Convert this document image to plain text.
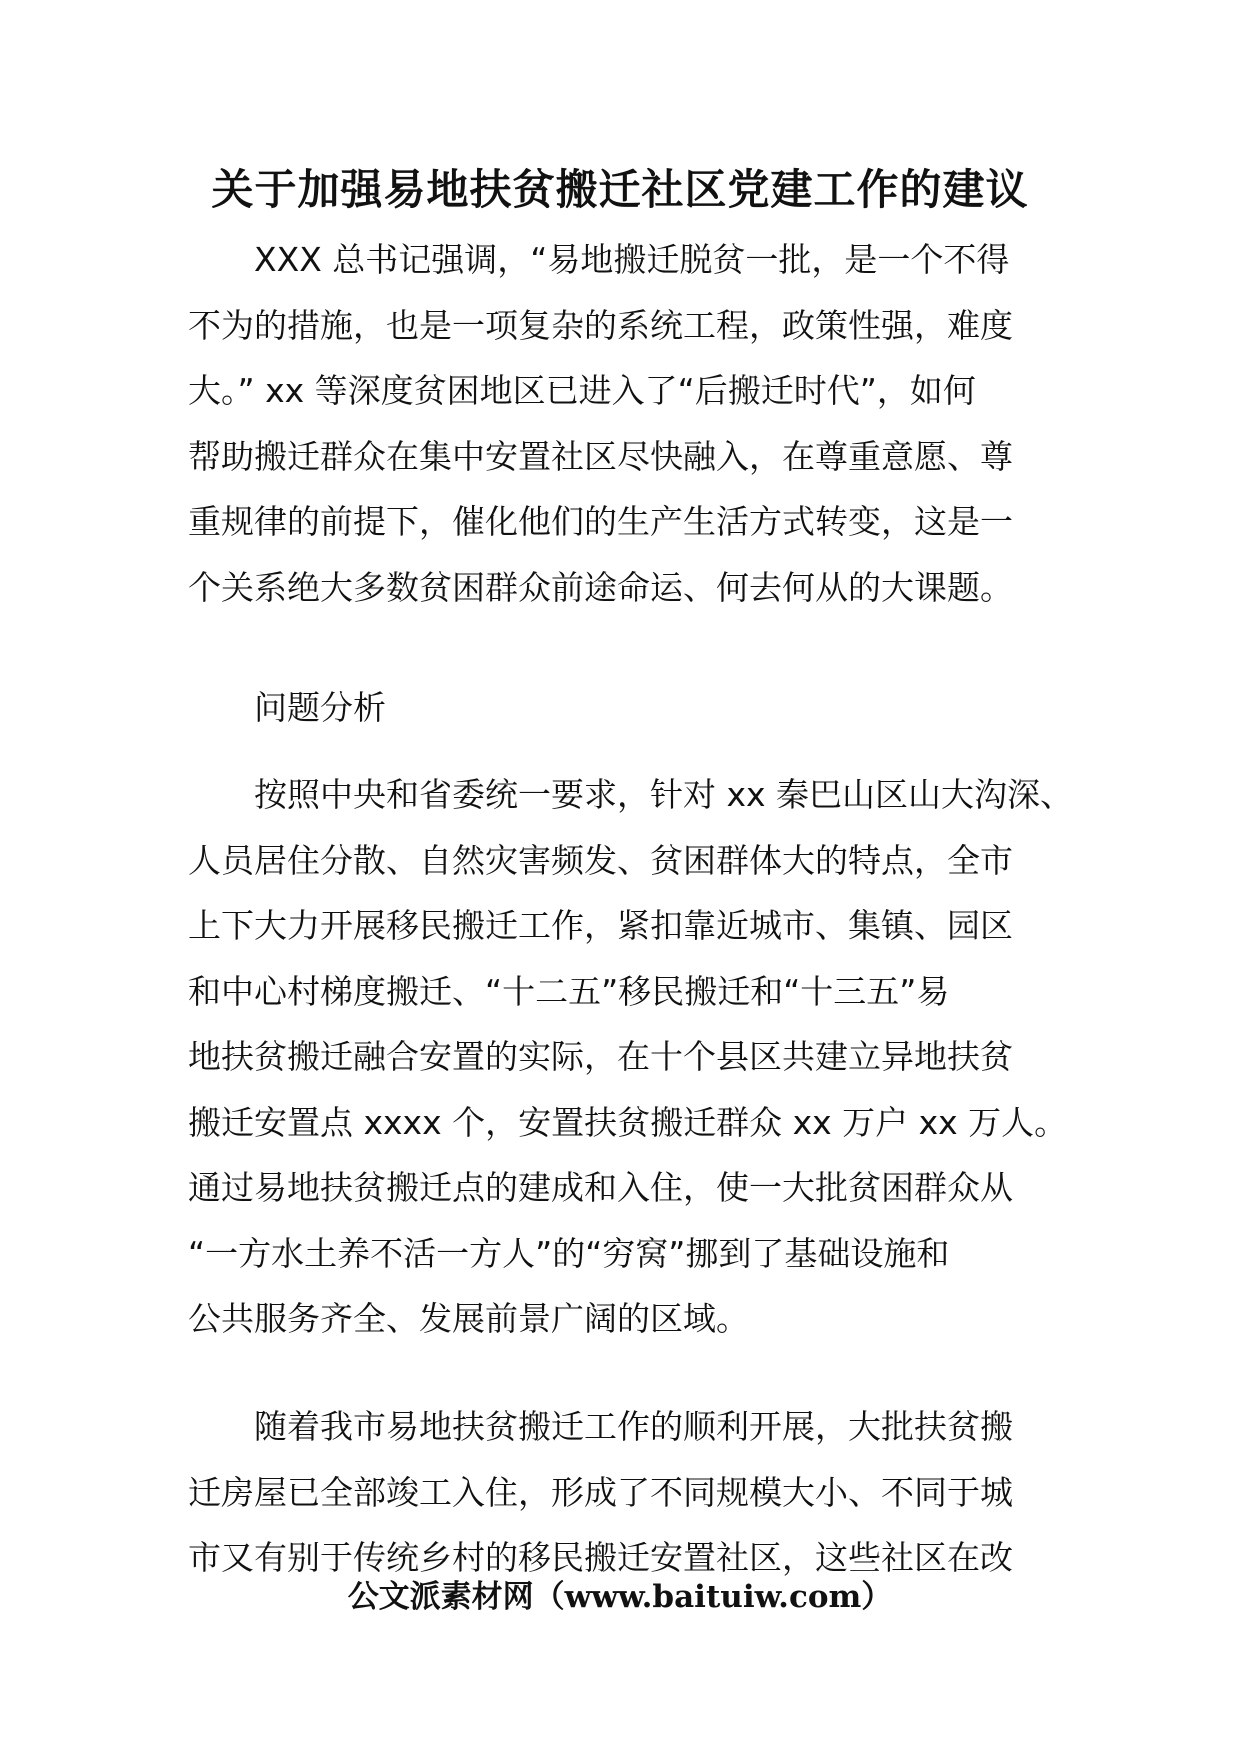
关于加强易地扶贫搬迁社区党建工作的建议
XXX 总书记强调，“易地搬迁脱贫一批，是一个不得
不为的措施，也是一项复杂的系统工程，政策性强，难度
大。” xx 等深度贫困地区已进入了“后搬迁时代”，如何
帮助搬迁群众在集中安置社区尽快融入，在尊重意愿、尊
重规律的前提下，催化他们的生产生活方式转变，这是一
个关系绝大多数贫困群众前途命运、何去何从的大课题。
问题分析
按照中央和省委统一要求，针对 xx 秦巴山区山大沟深、
人员居住分散、自然灾害频发、贫困群体大的特点，全市
上下大力开展移民搬迁工作，紧扣靠近城市、集镇、园区
和中心村梯度搬迁、“十二五”移民搬迁和“十三五”易
地扶贫搬迁融合安置的实际，在十个县区共建立异地扶贫
搬迁安置点 xxxx 个，安置扶贫搬迁群众 xx 万户 xx 万人。
通过易地扶贫搬迁点的建成和入住，使一大批贫困群众从
“一方水土养不活一方人”的“穷窝”挪到了基础设施和
公共服务齐全、发展前景广阔的区域。
随着我市易地扶贫搬迁工作的顺利开展，大批扶贫搬
迁房屋已全部竣工入住，形成了不同规模大小、不同于城
市又有别于传统乡村的移民搬迁安置社区，这些社区在改
公文派素材网（www.baituiw.com）
